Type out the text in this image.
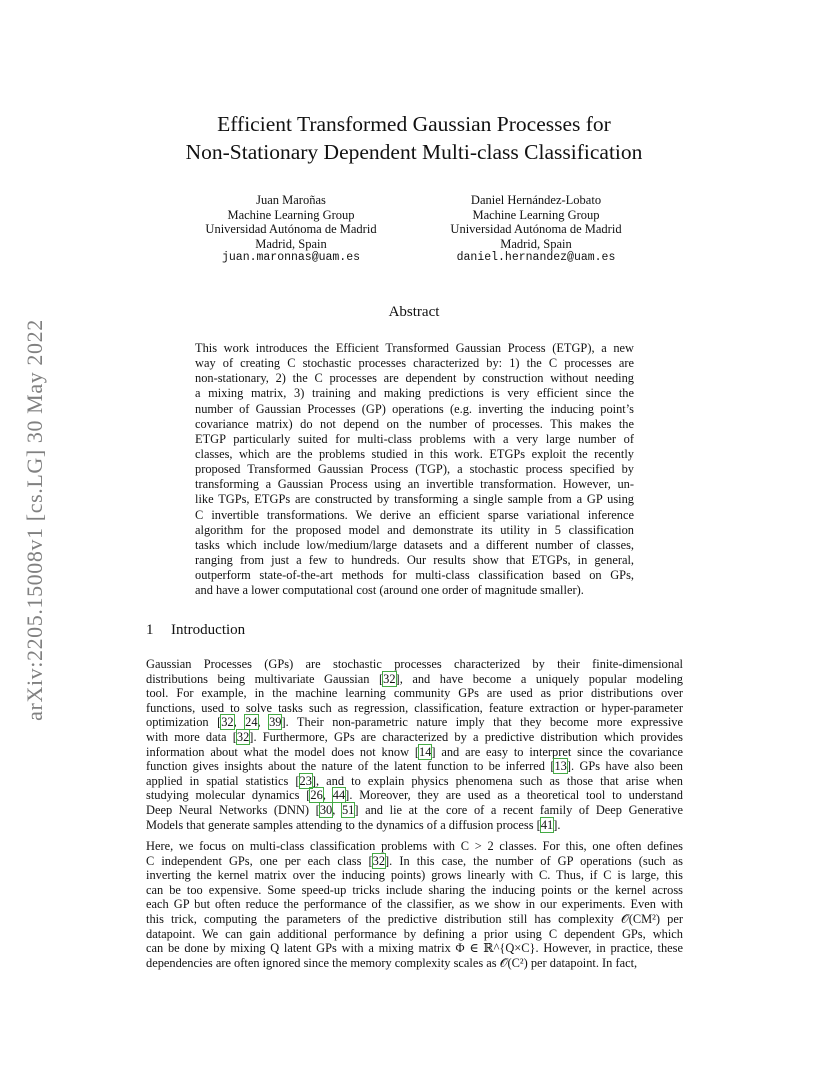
arXiv:2205.15008v1 [cs.LG] 30 May 2022
Efficient Transformed Gaussian Processes for
Non-Stationary Dependent Multi-class Classification
Juan Maroñas
Machine Learning Group
Universidad Autónoma de Madrid
Madrid, Spain
juan.maronnas@uam.es
Daniel Hernández-Lobato
Machine Learning Group
Universidad Autónoma de Madrid
Madrid, Spain
daniel.hernandez@uam.es
Abstract
This work introduces the Efficient Transformed Gaussian Process (ETGP), a new
way of creating C stochastic processes characterized by: 1) the C processes are
non-stationary, 2) the C processes are dependent by construction without needing
a mixing matrix, 3) training and making predictions is very efficient since the
number of Gaussian Processes (GP) operations (e.g. inverting the inducing point’s
covariance matrix) do not depend on the number of processes. This makes the
ETGP particularly suited for multi-class problems with a very large number of
classes, which are the problems studied in this work. ETGPs exploit the recently
proposed Transformed Gaussian Process (TGP), a stochastic process specified by
transforming a Gaussian Process using an invertible transformation. However, un-
like TGPs, ETGPs are constructed by transforming a single sample from a GP using
C invertible transformations. We derive an efficient sparse variational inference
algorithm for the proposed model and demonstrate its utility in 5 classification
tasks which include low/medium/large datasets and a different number of classes,
ranging from just a few to hundreds. Our results show that ETGPs, in general,
outperform state-of-the-art methods for multi-class classification based on GPs,
and have a lower computational cost (around one order of magnitude smaller).
1 Introduction
Gaussian Processes (GPs) are stochastic processes characterized by their finite-dimensional
distributions being multivariate Gaussian [32], and have become a uniquely popular modeling
tool. For example, in the machine learning community GPs are used as prior distributions over
functions, used to solve tasks such as regression, classification, feature extraction or hyper-parameter
optimization [32, 24, 39]. Their non-parametric nature imply that they become more expressive
with more data [32]. Furthermore, GPs are characterized by a predictive distribution which provides
information about what the model does not know [14] and are easy to interpret since the covariance
function gives insights about the nature of the latent function to be inferred [13]. GPs have also been
applied in spatial statistics [23], and to explain physics phenomena such as those that arise when
studying molecular dynamics [26, 44]. Moreover, they are used as a theoretical tool to understand
Deep Neural Networks (DNN) [30, 51] and lie at the core of a recent family of Deep Generative
Models that generate samples attending to the dynamics of a diffusion process [41].
Here, we focus on multi-class classification problems with C > 2 classes. For this, one often defines
C independent GPs, one per each class [32]. In this case, the number of GP operations (such as
inverting the kernel matrix over the inducing points) grows linearly with C. Thus, if C is large, this
can be too expensive. Some speed-up tricks include sharing the inducing points or the kernel across
each GP but often reduce the performance of the classifier, as we show in our experiments. Even with
this trick, computing the parameters of the predictive distribution still has complexity 𝒪(CM²) per
datapoint. We can gain additional performance by defining a prior using C dependent GPs, which
can be done by mixing Q latent GPs with a mixing matrix Φ ∈ ℝ^{Q×C}. However, in practice, these
dependencies are often ignored since the memory complexity scales as 𝒪(C²) per datapoint. In fact,
